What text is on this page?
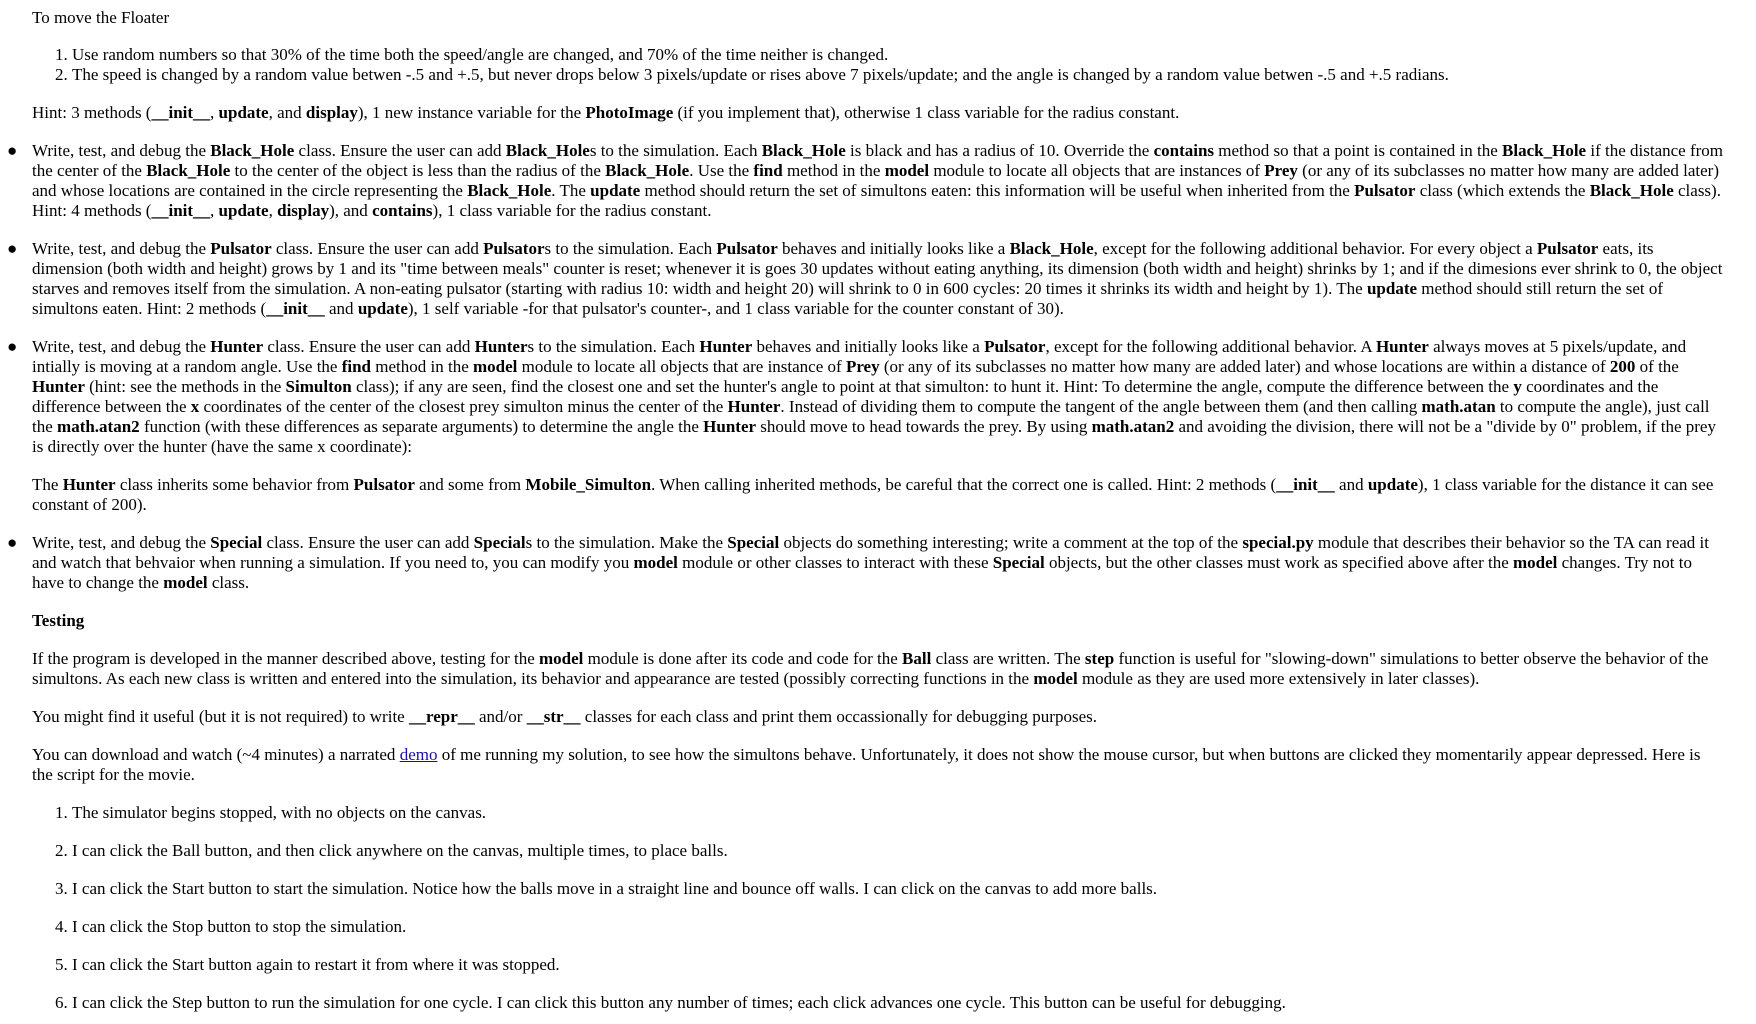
To move the Floater

1. Use random numbers so that 30% of the time both the speed/angle are changed, and 70% of the time neither is changed.
2. The speed is changed by a random value betwen -.5 and +.5, but never drops below 3 pixels/update or rises above 7 pixels/update; and the angle is changed by a random value betwen -.5 and +.5 radians.

Hint: 3 methods (__init__, update, and display), 1 new instance variable for the PhotoImage (if you implement that), otherwise 1 class variable for the radius constant.

● Write, test, and debug the Black_Hole class. Ensure the user can add Black_Holes to the simulation. Each Black_Hole is black and has a radius of 10. Override the contains method so that a point is contained in the Black_Hole if the distance from the center of the Black_Hole to the center of the object is less than the radius of the Black_Hole. Use the find method in the model module to locate all objects that are instances of Prey (or any of its subclasses no matter how many are added later) and whose locations are contained in the circle representing the Black_Hole. The update method should return the set of simultons eaten: this information will be useful when inherited from the Pulsator class (which extends the Black_Hole class). Hint: 4 methods (__init__, update, display), and contains), 1 class variable for the radius constant.

● Write, test, and debug the Pulsator class. Ensure the user can add Pulsators to the simulation. Each Pulsator behaves and initially looks like a Black_Hole, except for the following additional behavior. For every object a Pulsator eats, its dimension (both width and height) grows by 1 and its "time between meals" counter is reset; whenever it is goes 30 updates without eating anything, its dimension (both width and height) shrinks by 1; and if the dimesions ever shrink to 0, the object starves and removes itself from the simulation. A non-eating pulsator (starting with radius 10: width and height 20) will shrink to 0 in 600 cycles: 20 times it shrinks its width and height by 1). The update method should still return the set of simultons eaten. Hint: 2 methods (__init__ and update), 1 self variable -for that pulsator's counter-, and 1 class variable for the counter constant of 30).

● Write, test, and debug the Hunter class. Ensure the user can add Hunters to the simulation. Each Hunter behaves and initially looks like a Pulsator, except for the following additional behavior. A Hunter always moves at 5 pixels/update, and intially is moving at a random angle. Use the find method in the model module to locate all objects that are instance of Prey (or any of its subclasses no matter how many are added later) and whose locations are within a distance of 200 of the Hunter (hint: see the methods in the Simulton class); if any are seen, find the closest one and set the hunter's angle to point at that simulton: to hunt it. Hint: To determine the angle, compute the difference between the y coordinates and the difference between the x coordinates of the center of the closest prey simulton minus the center of the Hunter. Instead of dividing them to compute the tangent of the angle between them (and then calling math.atan to compute the angle), just call the math.atan2 function (with these differences as separate arguments) to determine the angle the Hunter should move to head towards the prey. By using math.atan2 and avoiding the division, there will not be a "divide by 0" problem, if the prey is directly over the hunter (have the same x coordinate):

The Hunter class inherits some behavior from Pulsator and some from Mobile_Simulton. When calling inherited methods, be careful that the correct one is called. Hint: 2 methods (__init__ and update), 1 class variable for the distance it can see constant of 200).

● Write, test, and debug the Special class. Ensure the user can add Specials to the simulation. Make the Special objects do something interesting; write a comment at the top of the special.py module that describes their behavior so the TA can read it and watch that behvaior when running a simulation. If you need to, you can modify you model module or other classes to interact with these Special objects, but the other classes must work as specified above after the model changes. Try not to have to change the model class.

Testing

If the program is developed in the manner described above, testing for the model module is done after its code and code for the Ball class are written. The step function is useful for "slowing-down" simulations to better observe the behavior of the simultons. As each new class is written and entered into the simulation, its behavior and appearance are tested (possibly correcting functions in the model module as they are used more extensively in later classes).

You might find it useful (but it is not required) to write __repr__ and/or __str__ classes for each class and print them occassionally for debugging purposes.

You can download and watch (~4 minutes) a narrated demo of me running my solution, to see how the simultons behave. Unfortunately, it does not show the mouse cursor, but when buttons are clicked they momentarily appear depressed. Here is the script for the movie.

1. The simulator begins stopped, with no objects on the canvas.
2. I can click the Ball button, and then click anywhere on the canvas, multiple times, to place balls.
3. I can click the Start button to start the simulation. Notice how the balls move in a straight line and bounce off walls. I can click on the canvas to add more balls.
4. I can click the Stop button to stop the simulation.
5. I can click the Start button again to restart it from where it was stopped.
6. I can click the Step button to run the simulation for one cycle. I can click this button any number of times; each click advances one cycle. This button can be useful for debugging.
